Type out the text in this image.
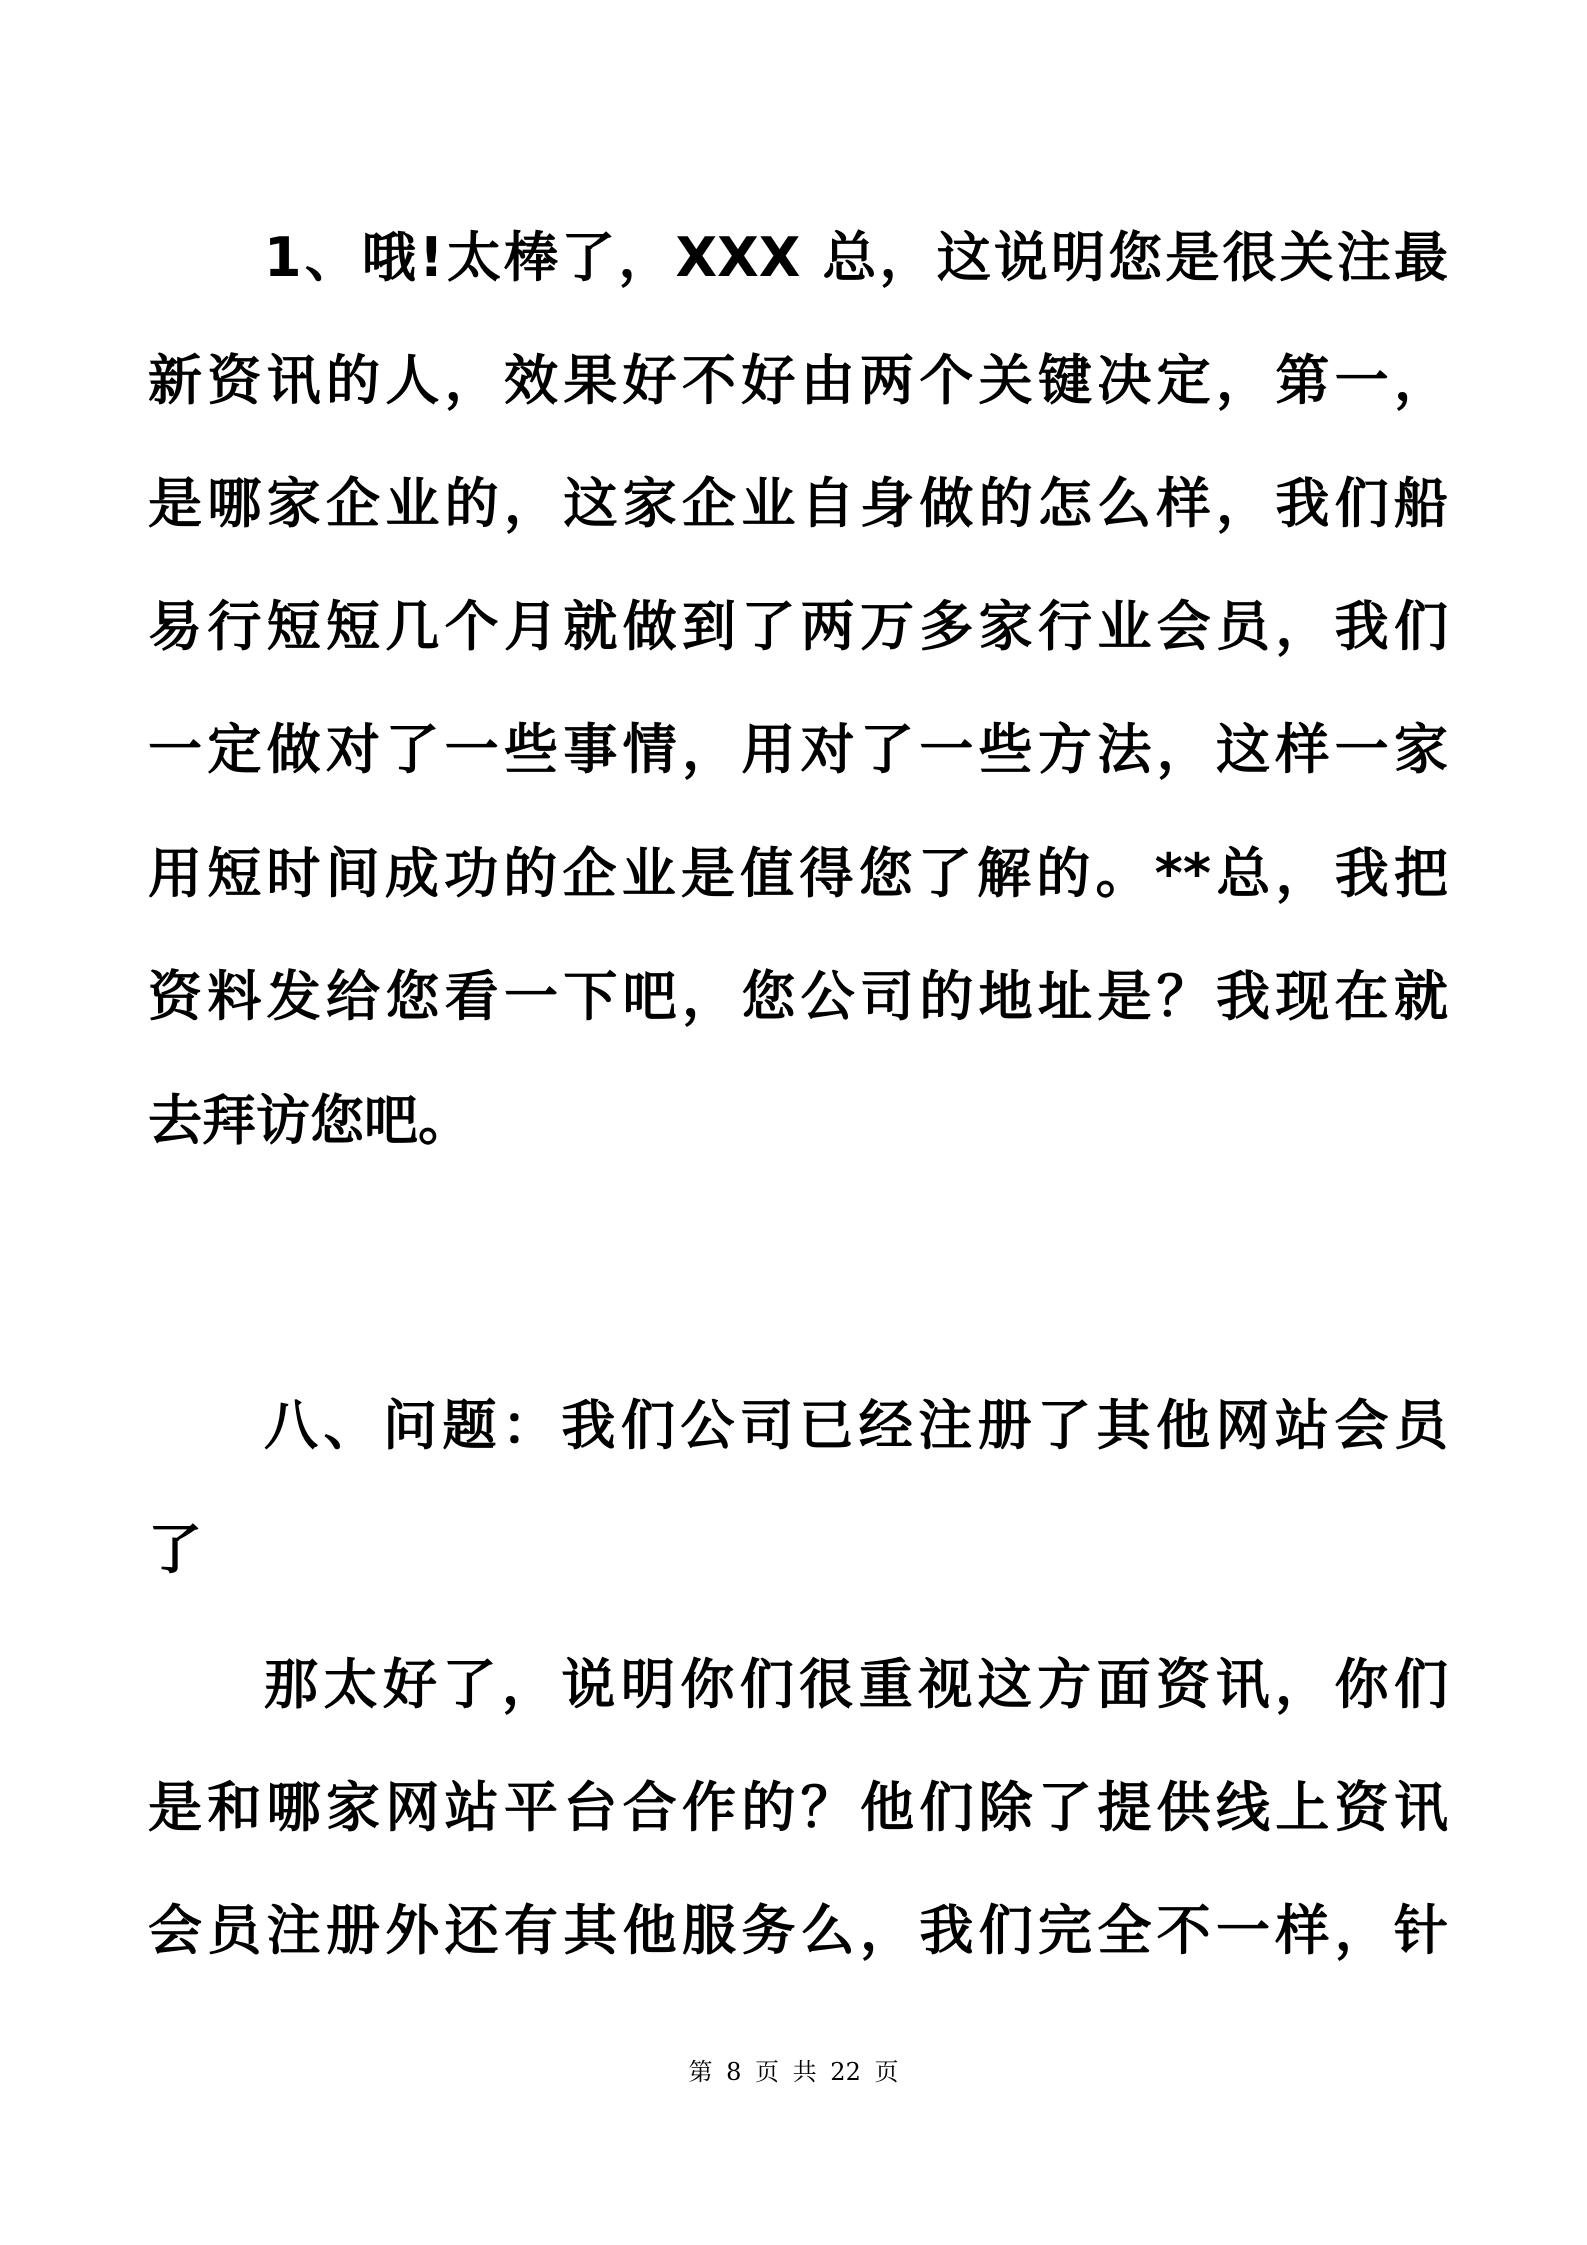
1、哦!太棒了，XXX 总，这说明您是很关注最
新资讯的人，效果好不好由两个关键决定，第一，
是哪家企业的，这家企业自身做的怎么样，我们船
易行短短几个月就做到了两万多家行业会员，我们
一定做对了一些事情，用对了一些方法，这样一家
用短时间成功的企业是值得您了解的。**总，我把
资料发给您看一下吧，您公司的地址是？我现在就
去拜访您吧。
八、问题：我们公司已经注册了其他网站会员
了
那太好了，说明你们很重视这方面资讯，你们
是和哪家网站平台合作的？他们除了提供线上资讯
会员注册外还有其他服务么，我们完全不一样，针
第 8 页 共 22 页
